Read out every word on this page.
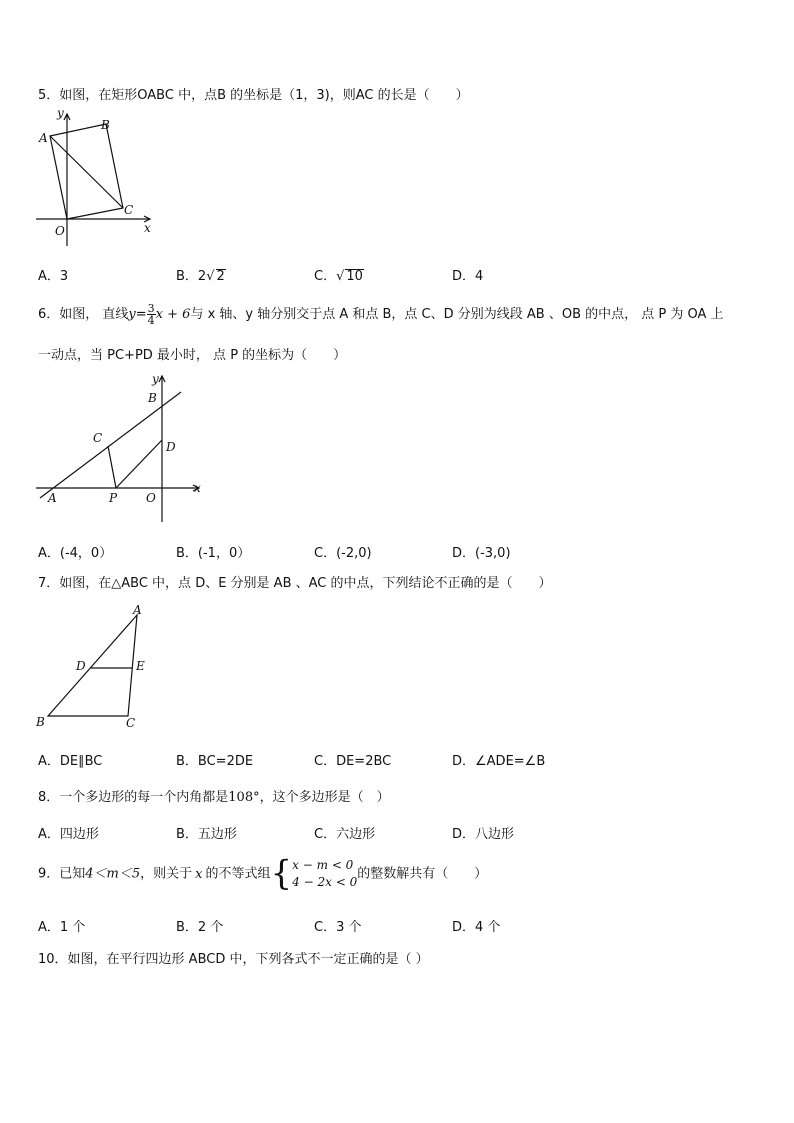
5．如图，在矩形OABC 中，点B 的坐标是（1，3)，则AC 的长是（　　）
A
B
C
O	x
y
A．3	B．2√ 2	C．√ 10	D．4
6．如图， 直线$y= \frac{3}{4}$ x + 6与 x 轴、y 轴分别交于点 A 和点 B，点 C、D 分别为线段 AB 、OB 的中点， 点 P 为 OA 上
一动点，当 PC+PD 最小时， 点 P 的坐标为（　　）
B
C
D
A	P O
x
y
A．(-4，0）	B．(-1，0）	C．(-2,0)	D．(-3,0)
7．如图，在△ABC 中，点 D、E 分别是 AB 、AC 的中点，下列结论不正确的是（　　）
A
D	E
B	C
A．DE∥BC	B．BC=2DE	C．DE=2BC	D．∠ADE=∠B
8．一个多边形的每一个内角都是108°，这个多边形是（　）
A．四边形	B．五边形	C．六边形	D．八边形
9．已知4＜m＜5，则关于 x 的不等式组{ x − m < 0
4 − 2x < 0 的整数解共有（　　）
A．1 个	B．2 个	C．3 个	D．4 个
10．如图，在平行四边形 ABCD 中，下列各式不一定正确的是（ ）
